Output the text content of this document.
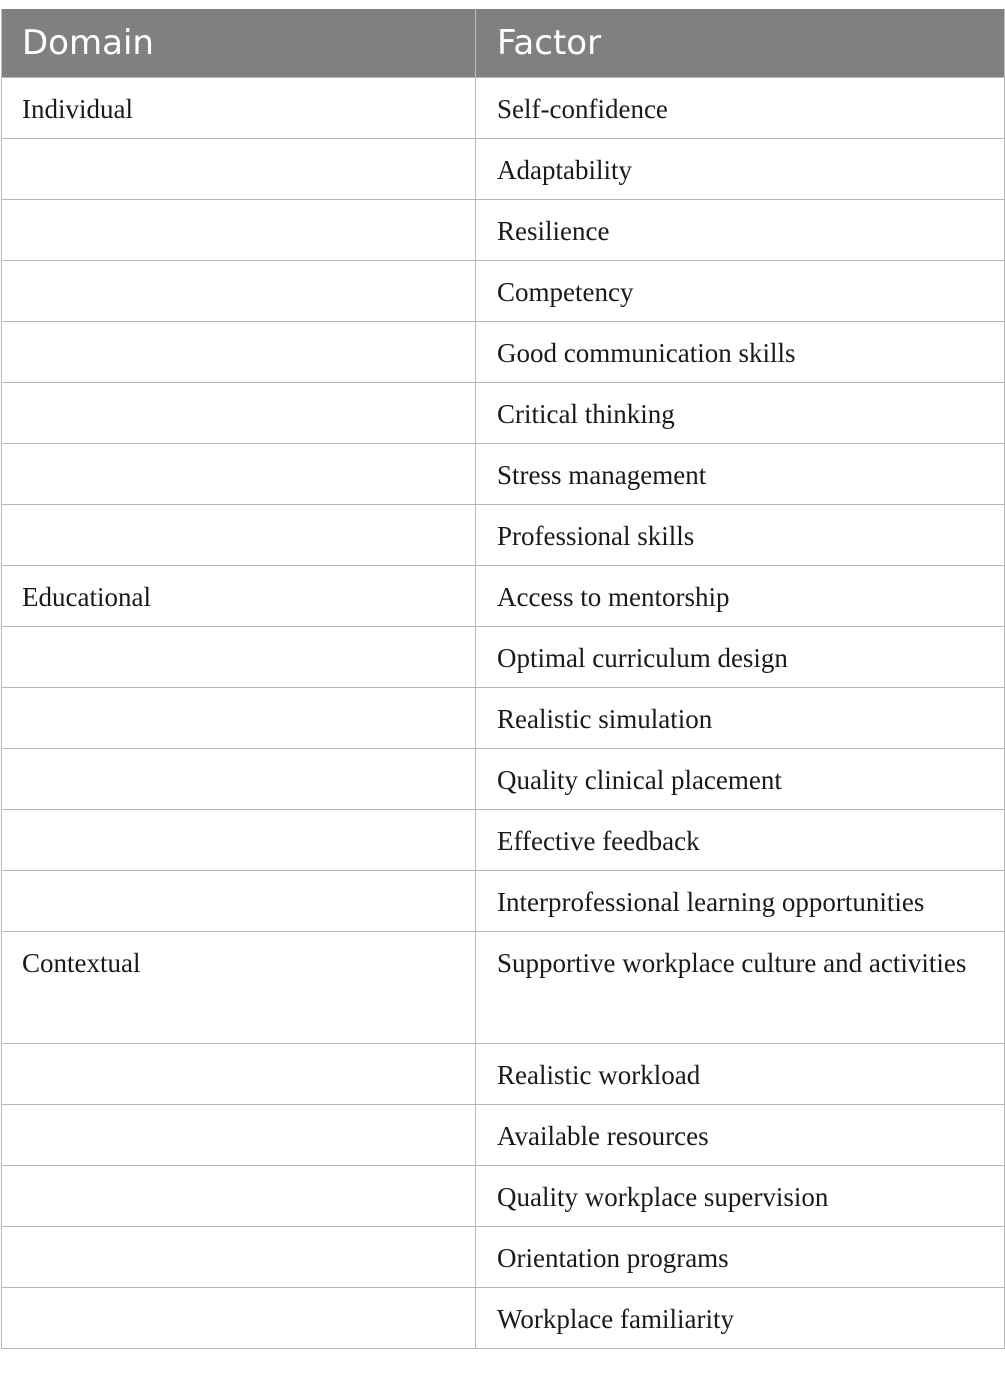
Domain	Factor
Individual	Self-confidence
	Adaptability
	Resilience
	Competency
	Good communication skills
	Critical thinking
	Stress management
	Professional skills
Educational	Access to mentorship
	Optimal curriculum design
	Realistic simulation
	Quality clinical placement
	Effective feedback
	Interprofessional learning opportunities
Contextual	Supportive workplace culture and activities
	Realistic workload
	Available resources
	Quality workplace supervision
	Orientation programs
	Workplace familiarity
